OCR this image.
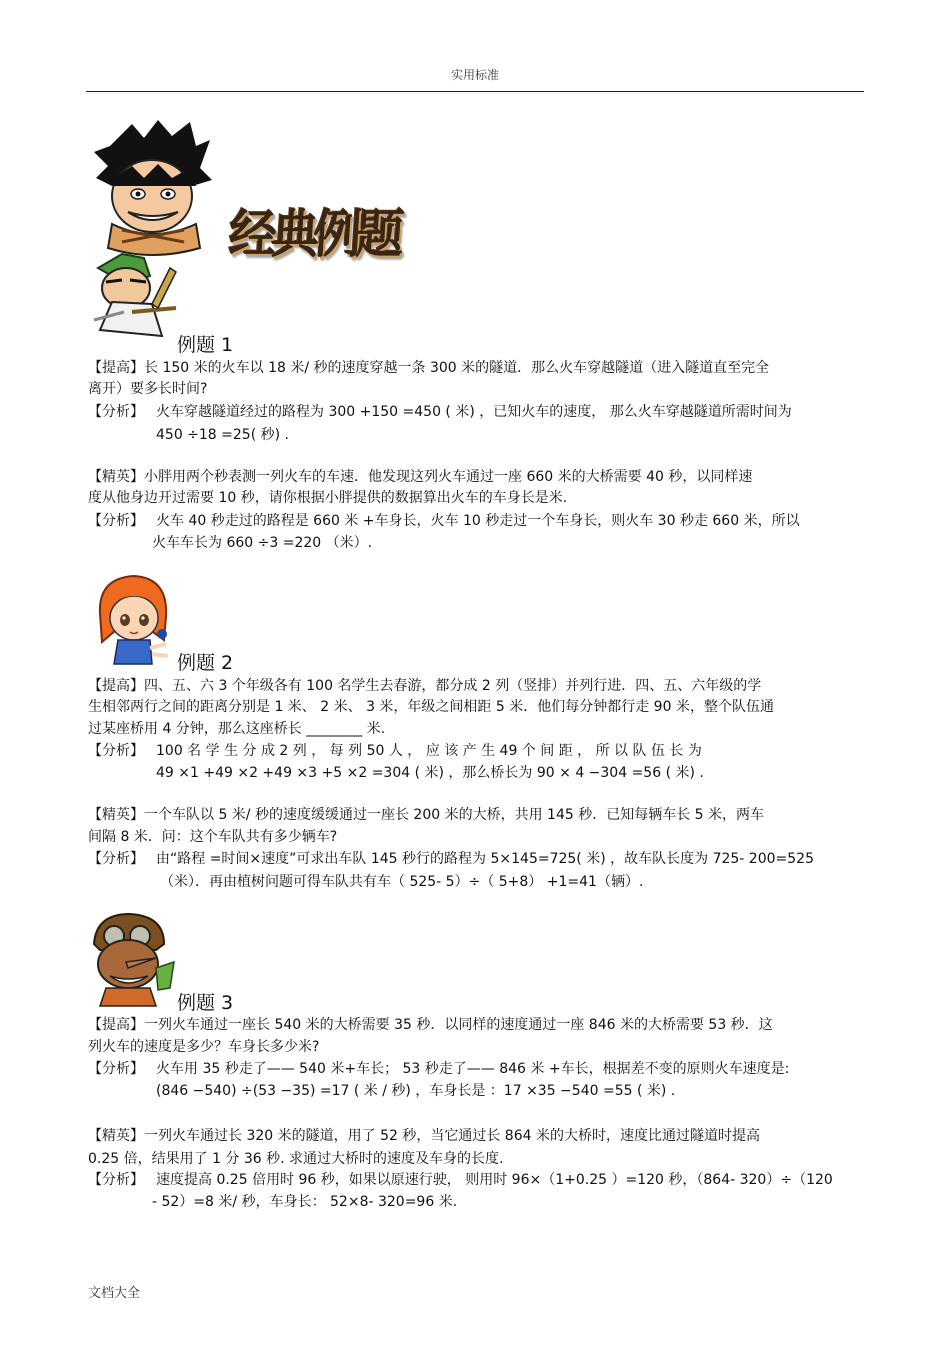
实用标准
经典例题
例题 1
【提高】长 150 米的火车以 18 米/ 秒的速度穿越一条 300 米的隧道．那么火车穿越隧道（进入隧道直至完全
离开）要多长时间?
【分析】 火车穿越隧道经过的路程为 300 +150 =450 ( 米) ，已知火车的速度， 那么火车穿越隧道所需时间为
450 ÷18 =25( 秒) .
【精英】小胖用两个秒表测一列火车的车速．他发现这列火车通过一座 660 米的大桥需要 40 秒，以同样速
度从他身边开过需要 10 秒，请你根据小胖提供的数据算出火车的车身长是米.
【分析】 火车 40 秒走过的路程是 660 米 +车身长，火车 10 秒走过一个车身长，则火车 30 秒走 660 米，所以
火车车长为 660 ÷3 =220 （米）.
例题 2
【提高】四、五、六 3 个年级各有 100 名学生去春游，都分成 2 列（竖排）并列行进．四、五、六年级的学
生相邻两行之间的距离分别是 1 米、 2 米、 3 米，年级之间相距 5 米．他们每分钟都行走 90 米，整个队伍通
过某座桥用 4 分钟，那么这座桥长 ________ 米.
【分析】 100 名 学 生 分 成 2 列 ， 每 列 50 人 ， 应 该 产 生 49 个 间 距 ， 所 以 队 伍 长 为
49 ×1 +49 ×2 +49 ×3 +5 ×2 =304 ( 米) ，那么桥长为 90 × 4 −304 =56 ( 米) .
【精英】一个车队以 5 米/ 秒的速度缓缓通过一座长 200 米的大桥，共用 145 秒．已知每辆车长 5 米，两车
间隔 8 米．问：这个车队共有多少辆车?
【分析】 由“路程 =时间×速度”可求出车队 145 秒行的路程为 5×145=725( 米) ，故车队长度为 725- 200=525
（米）．再由植树问题可得车队共有车（ 525- 5）÷（ 5+8） +1=41（辆）.
例题 3
【提高】一列火车通过一座长 540 米的大桥需要 35 秒．以同样的速度通过一座 846 米的大桥需要 53 秒．这
列火车的速度是多少？车身长多少米?
【分析】 火车用 35 秒走了—— 540 米+车长； 53 秒走了—— 846 米 +车长，根据差不变的原则火车速度是:
(846 −540) ÷(53 −35) =17 ( 米 / 秒) ，车身长是 ：17 ×35 −540 =55 ( 米) .
【精英】一列火车通过长 320 米的隧道，用了 52 秒，当它通过长 864 米的大桥时，速度比通过隧道时提高
0.25 倍，结果用了 1 分 36 秒. 求通过大桥时的速度及车身的长度.
【分析】 速度提高 0.25 倍用时 96 秒，如果以原速行驶， 则用时 96×（1+0.25 ）=120 秒，（864- 320）÷（120
- 52）=8 米/ 秒，车身长： 52×8- 320=96 米.
文档大全
